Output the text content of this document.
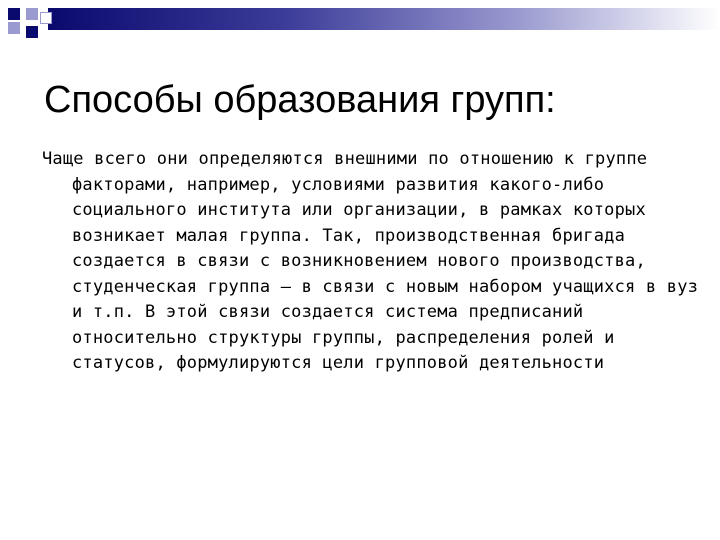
Способы образования групп:

Чаще всего они определяются внешними по отношению к группе факторами, например, условиями развития какого-либо социального института или организации, в рамках которых возникает малая группа. Так, производственная бригада создается в связи с возникновением нового производства, студенческая группа — в связи с новым набором учащихся в вуз и т.п. В этой связи создается система предписаний относительно структуры группы, распределения ролей и статусов, формулируются цели групповой деятельности
